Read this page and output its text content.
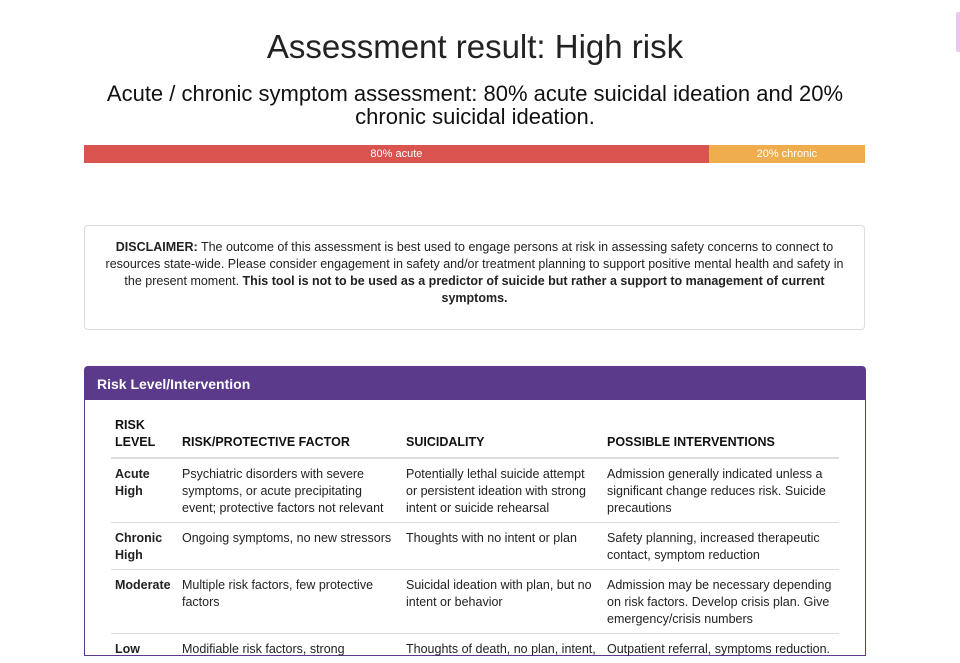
Assessment result: High risk
Acute / chronic symptom assessment: 80% acute suicidal ideation and 20% chronic suicidal ideation.
80% acute	20% chronic
DISCLAIMER: The outcome of this assessment is best used to engage persons at risk in assessing safety concerns to connect to resources state-wide. Please consider engagement in safety and/or treatment planning to support positive mental health and safety in the present moment. This tool is not to be used as a predictor of suicide but rather a support to management of current symptoms.
Risk Level/Intervention
RISK LEVEL	RISK/PROTECTIVE FACTOR	SUICIDALITY	POSSIBLE INTERVENTIONS
Acute High	Psychiatric disorders with severe symptoms, or acute precipitating event; protective factors not relevant	Potentially lethal suicide attempt or persistent ideation with strong intent or suicide rehearsal	Admission generally indicated unless a significant change reduces risk. Suicide precautions
Chronic High	Ongoing symptoms, no new stressors	Thoughts with no intent or plan	Safety planning, increased therapeutic contact, symptom reduction
Moderate	Multiple risk factors, few protective factors	Suicidal ideation with plan, but no intent or behavior	Admission may be necessary depending on risk factors. Develop crisis plan. Give emergency/crisis numbers
Low	Modifiable risk factors, strong	Thoughts of death, no plan, intent,	Outpatient referral, symptoms reduction.
